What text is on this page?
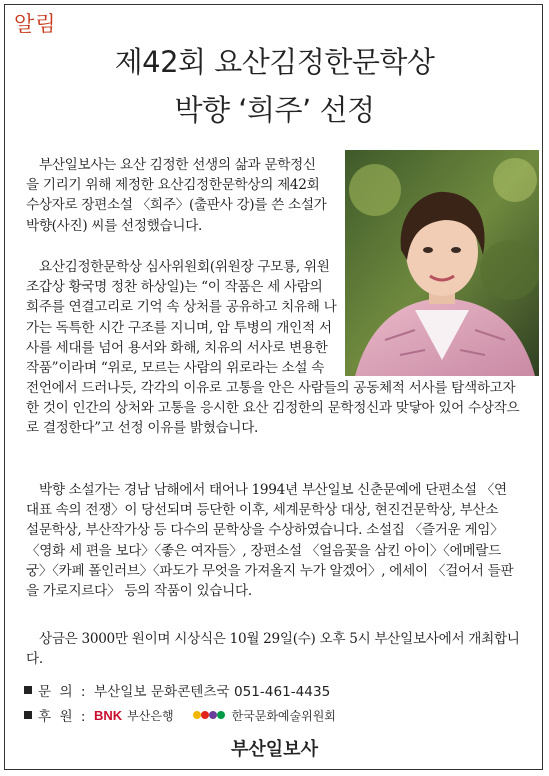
알림
제42회 요산김정한문학상
박향 ‘희주’ 선정
부산일보사는 요산 김정한 선생의 삶과 문학정신
을 기리기 위해 제정한 요산김정한문학상의 제42회
수상자로 장편소설 〈희주〉(출판사 강)를 쓴 소설가
박향(사진) 씨를 선정했습니다.
요산김정한문학상 심사위원회(위원장 구모룡, 위원
조갑상 황국명 정찬 하상일)는 “이 작품은 세 사람의
희주를 연결고리로 기억 속 상처를 공유하고 치유해 나
가는 독특한 시간 구조를 지니며, 암 투병의 개인적 서
사를 세대를 넘어 용서와 화해, 치유의 서사로 변용한
작품”이라며 “위로, 모르는 사람의 위로라는 소설 속
전언에서 드러나듯, 각각의 이유로 고통을 안은 사람들의 공동체적 서사를 탐색하고자
한 것이 인간의 상처와 고통을 응시한 요산 김정한의 문학정신과 맞닿아 있어 수상작으
로 결정한다”고 선정 이유를 밝혔습니다.
박향 소설가는 경남 남해에서 태어나 1994년 부산일보 신춘문예에 단편소설 〈연
대표 속의 전쟁〉이 당선되며 등단한 이후, 세계문학상 대상, 현진건문학상, 부산소
설문학상, 부산작가상 등 다수의 문학상을 수상하였습니다. 소설집 〈즐거운 게임〉
〈영화 세 편을 보다〉〈좋은 여자들〉, 장편소설 〈얼음꽃을 삼킨 아이〉〈에메랄드
궁〉〈카페 폴인러브〉〈파도가 무엇을 가져올지 누가 알겠어〉, 에세이 〈걸어서 들판
을 가로지르다〉 등의 작품이 있습니다.
상금은 3000만 원이며 시상식은 10월 29일(수) 오후 5시 부산일보사에서 개최합니
다.
문 의 : 부산일보 문화콘텐츠국 051-461-4435
후 원 : BNK 부산은행	한국문화예술위원회
부산일보사
